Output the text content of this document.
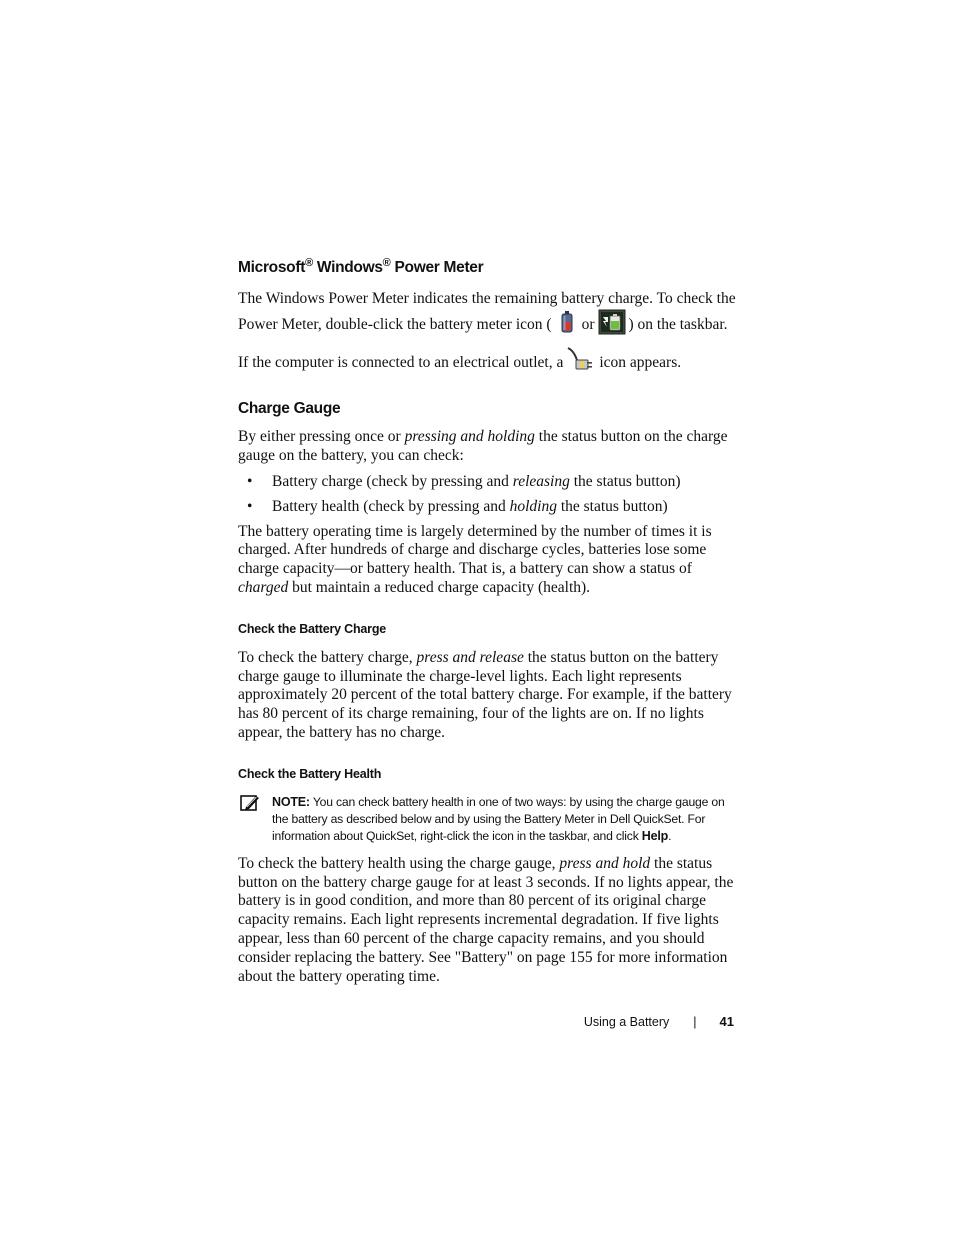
Microsoft® Windows® Power Meter

The Windows Power Meter indicates the remaining battery charge. To check the Power Meter, double-click the battery meter icon ( or ) on the taskbar.

If the computer is connected to an electrical outlet, a icon appears.

Charge Gauge

By either pressing once or pressing and holding the status button on the charge gauge on the battery, you can check:

• Battery charge (check by pressing and releasing the status button)
• Battery health (check by pressing and holding the status button)

The battery operating time is largely determined by the number of times it is charged. After hundreds of charge and discharge cycles, batteries lose some charge capacity—or battery health. That is, a battery can show a status of charged but maintain a reduced charge capacity (health).

Check the Battery Charge

To check the battery charge, press and release the status button on the battery charge gauge to illuminate the charge-level lights. Each light represents approximately 20 percent of the total battery charge. For example, if the battery has 80 percent of its charge remaining, four of the lights are on. If no lights appear, the battery has no charge.

Check the Battery Health
NOTE: You can check battery health in one of two ways: by using the charge gauge on the battery as described below and by using the Battery Meter in Dell QuickSet. For information about QuickSet, right-click the icon in the taskbar, and click Help.

To check the battery health using the charge gauge, press and hold the status button on the battery charge gauge for at least 3 seconds. If no lights appear, the battery is in good condition, and more than 80 percent of its original charge capacity remains. Each light represents incremental degradation. If five lights appear, less than 60 percent of the charge capacity remains, and you should consider replacing the battery. See "Battery" on page 155 for more information about the battery operating time.

Using a Battery | 41
